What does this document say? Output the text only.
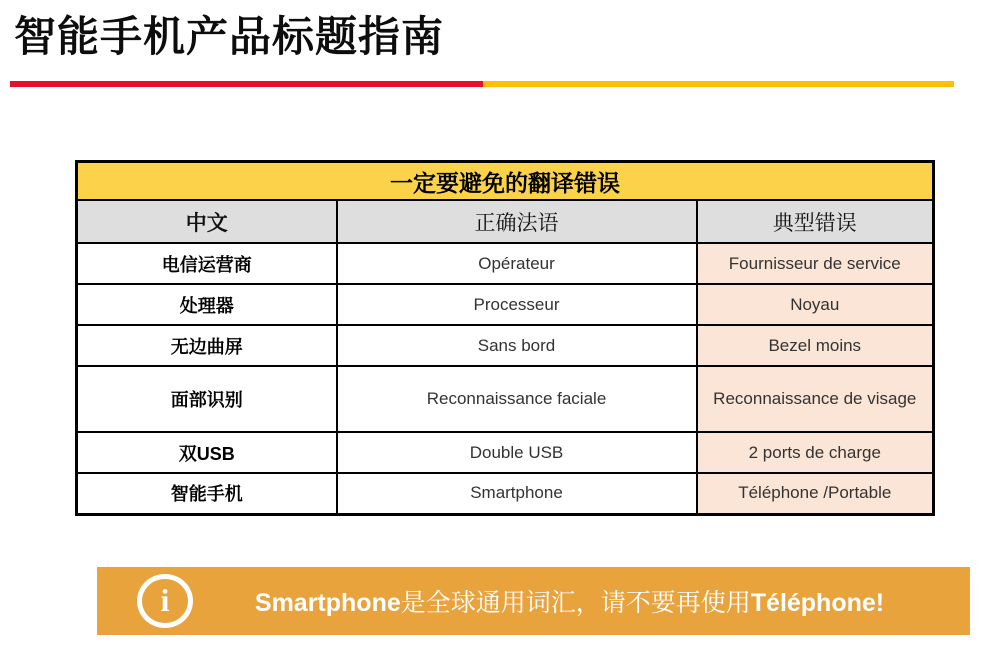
智能手机产品标题指南
一定要避免的翻译错误		
中文	正确法语	典型错误
电信运营商	Opérateur	Fournisseur de service
处理器	Processeur	Noyau
无边曲屏	Sans bord	Bezel moins
面部识别	Reconnaissance faciale	Reconnaissance de visage
双USB	Double USB	2 ports de charge
智能手机	Smartphone	Téléphone /Portable
i	Smartphone是全球通用词汇，请不要再使用Téléphone!
